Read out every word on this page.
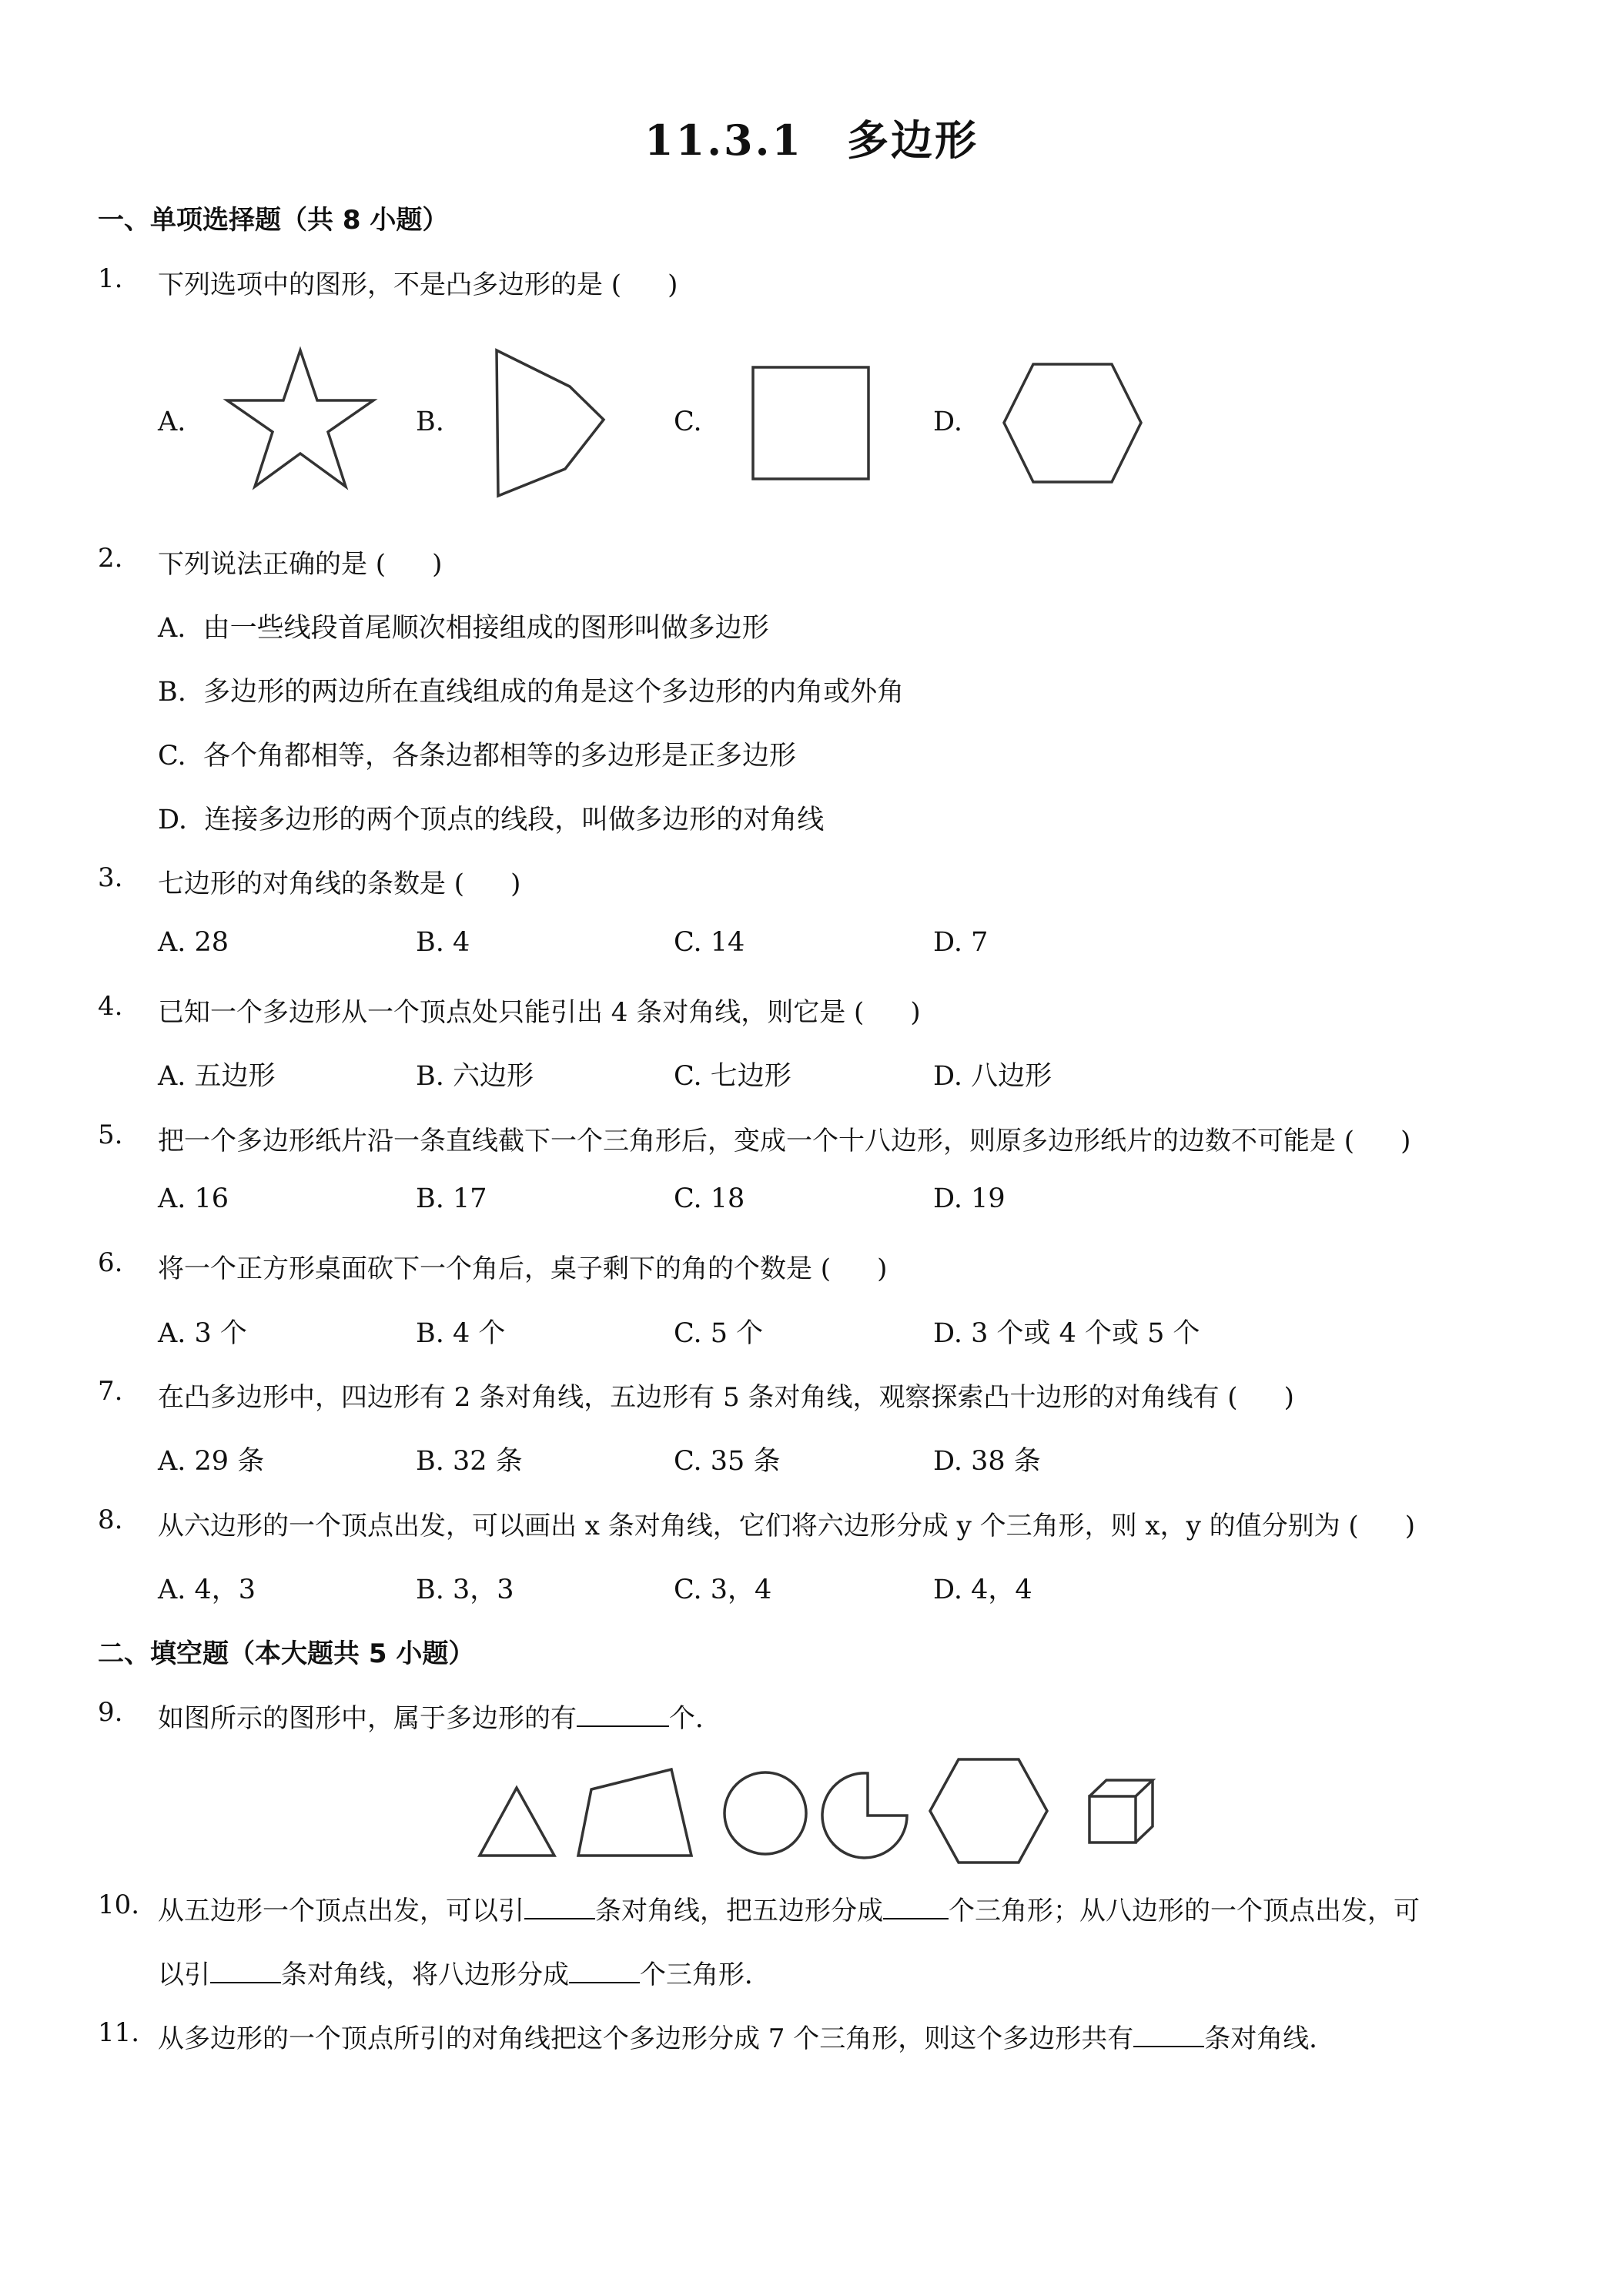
11.3.1　多边形
一、单项选择题（共 8 小题）
1. 下列选项中的图形，不是凸多边形的是 ( )
A.	B.	C.	D.
2. 下列说法正确的是 ( )
A. 由一些线段首尾顺次相接组成的图形叫做多边形
B. 多边形的两边所在直线组成的角是这个多边形的内角或外角
C. 各个角都相等，各条边都相等的多边形是正多边形
D. 连接多边形的两个顶点的线段，叫做多边形的对角线
3. 七边形的对角线的条数是 ( )
A. 28	B. 4	C. 14	D. 7
4. 已知一个多边形从一个顶点处只能引出 4 条对角线，则它是 ( )
A. 五边形	B. 六边形	C. 七边形	D. 八边形
5. 把一个多边形纸片沿一条直线截下一个三角形后，变成一个十八边形，则原多边形纸片的边数不可能是 ( )
A. 16	B. 17	C. 18	D. 19
6. 将一个正方形桌面砍下一个角后，桌子剩下的角的个数是 ( )
A. 3 个	B. 4 个	C. 5 个	D. 3 个或 4 个或 5 个
7. 在凸多边形中，四边形有 2 条对角线，五边形有 5 条对角线，观察探索凸十边形的对角线有 ( )
A. 29 条	B. 32 条	C. 35 条	D. 38 条
8. 从六边形的一个顶点出发，可以画出 x 条对角线，它们将六边形分成 y 个三角形，则 x，y 的值分别为 ( )
A. 4，3	B. 3，3	C. 3，4	D. 4，4
二、填空题（本大题共 5 小题）
9. 如图所示的图形中，属于多边形的有	个．
10. 从五边形一个顶点出发，可以引	条对角线，把五边形分成	个三角形；从八边形的一个顶点出发，可
以引	条对角线，将八边形分成	个三角形．
11. 从多边形的一个顶点所引的对角线把这个多边形分成 7 个三角形，则这个多边形共有	条对角线．
